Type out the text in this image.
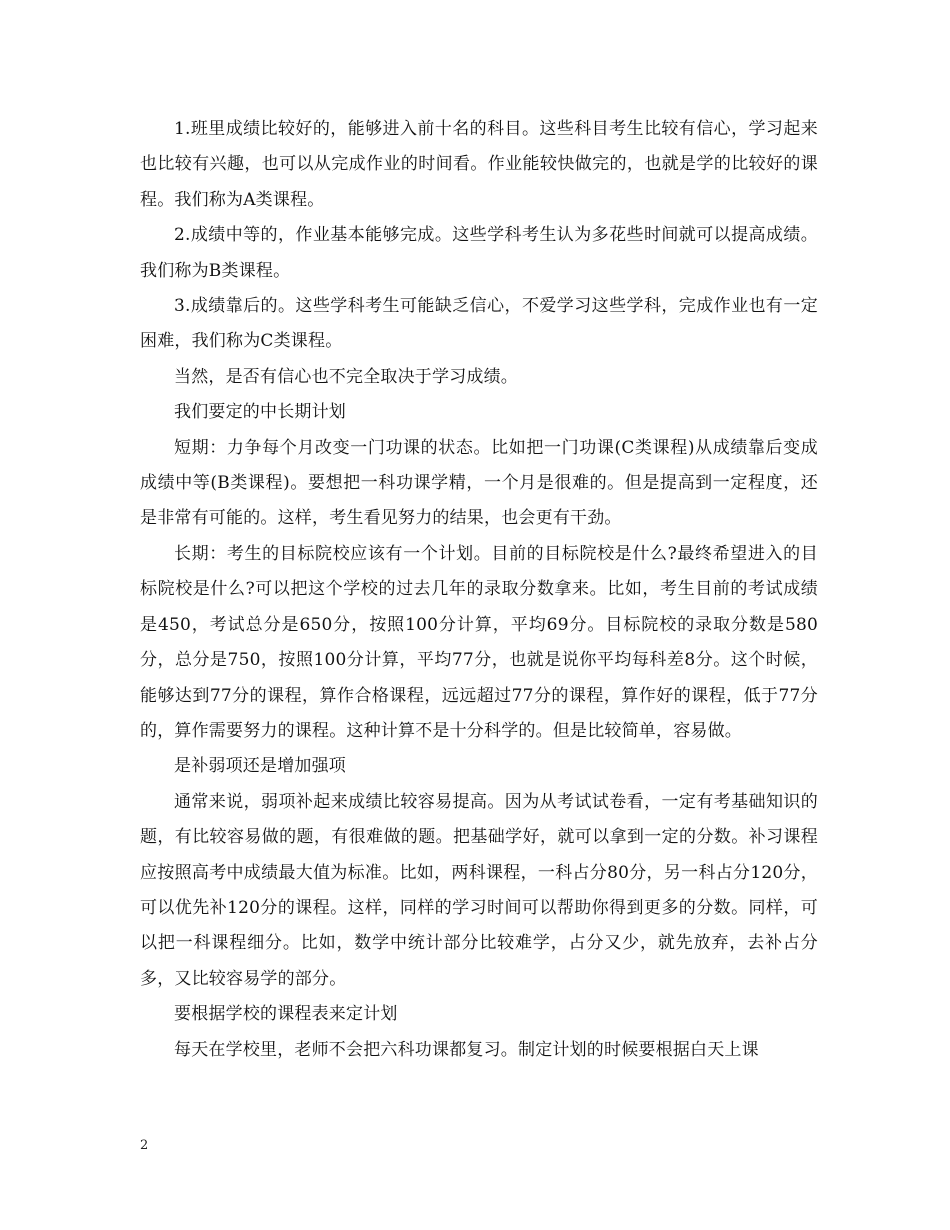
1.班里成绩比较好的，能够进入前十名的科目。这些科目考生比较有信心，学习起来也比较有兴趣，也可以从完成作业的时间看。作业能较快做完的，也就是学的比较好的课程。我们称为A类课程。

2.成绩中等的，作业基本能够完成。这些学科考生认为多花些时间就可以提高成绩。我们称为B类课程。

3.成绩靠后的。这些学科考生可能缺乏信心，不爱学习这些学科，完成作业也有一定困难，我们称为C类课程。

当然，是否有信心也不完全取决于学习成绩。

我们要定的中长期计划

短期：力争每个月改变一门功课的状态。比如把一门功课(C类课程)从成绩靠后变成成绩中等(B类课程)。要想把一科功课学精，一个月是很难的。但是提高到一定程度，还是非常有可能的。这样，考生看见努力的结果，也会更有干劲。

长期：考生的目标院校应该有一个计划。目前的目标院校是什么?最终希望进入的目标院校是什么?可以把这个学校的过去几年的录取分数拿来。比如，考生目前的考试成绩是450，考试总分是650分，按照100分计算，平均69分。目标院校的录取分数是580分，总分是750，按照100分计算，平均77分，也就是说你平均每科差8分。这个时候，能够达到77分的课程，算作合格课程，远远超过77分的课程，算作好的课程，低于77分的，算作需要努力的课程。这种计算不是十分科学的。但是比较简单，容易做。

是补弱项还是增加强项

通常来说，弱项补起来成绩比较容易提高。因为从考试试卷看，一定有考基础知识的题，有比较容易做的题，有很难做的题。把基础学好，就可以拿到一定的分数。补习课程应按照高考中成绩最大值为标准。比如，两科课程，一科占分80分，另一科占分120分，可以优先补120分的课程。这样，同样的学习时间可以帮助你得到更多的分数。同样，可以把一科课程细分。比如，数学中统计部分比较难学，占分又少，就先放弃，去补占分多，又比较容易学的部分。

要根据学校的课程表来定计划

每天在学校里，老师不会把六科功课都复习。制定计划的时候要根据白天上课

2
